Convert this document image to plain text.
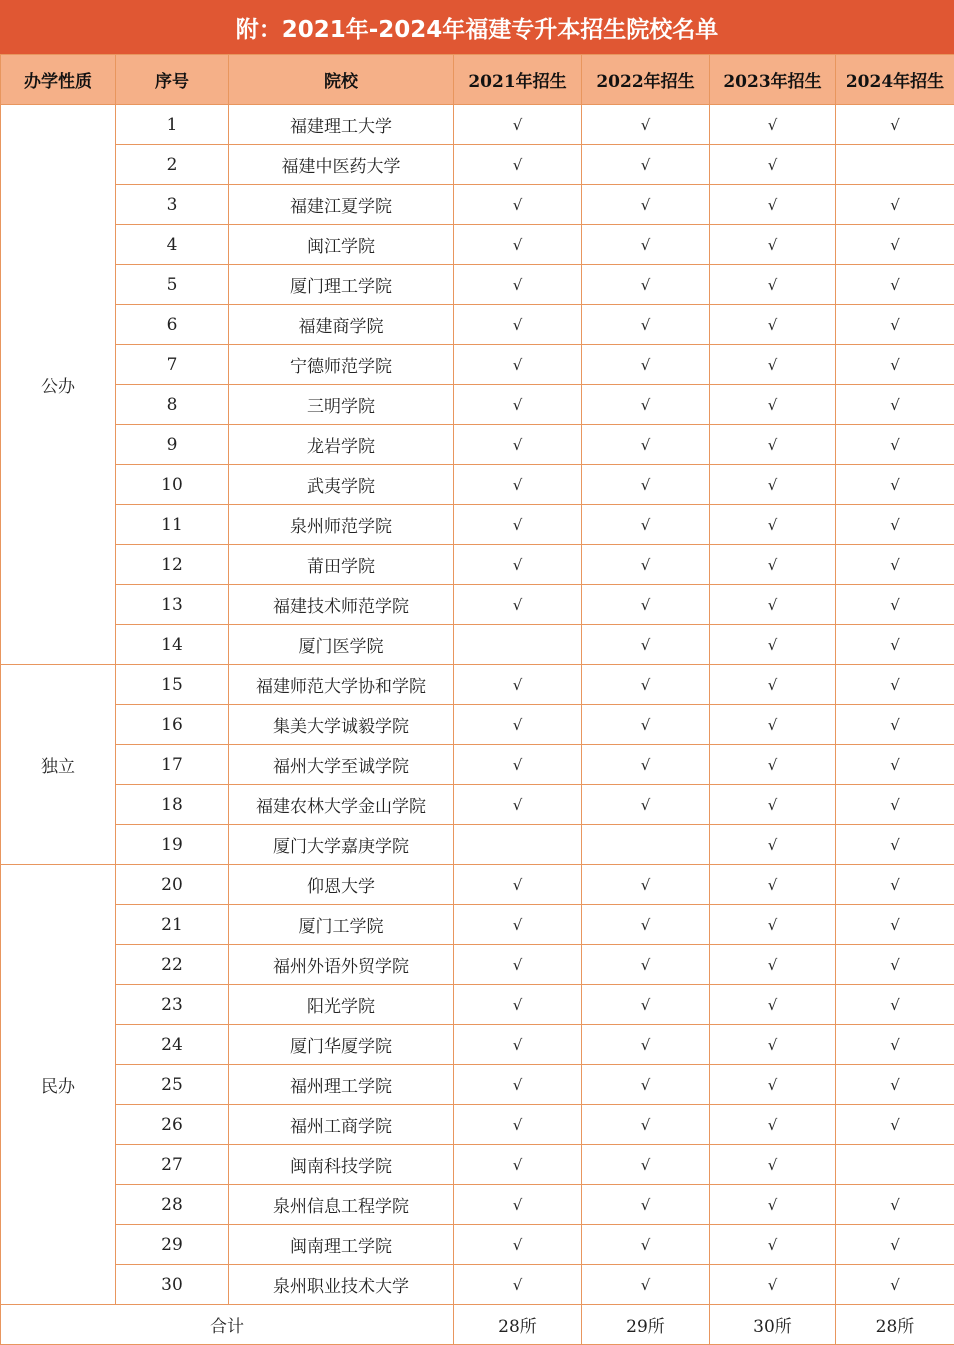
附：2021年-2024年福建专升本招生院校名单
办学性质	序号	院校	2021年招生	2022年招生	2023年招生	2024年招生
公办	1	福建理工大学	√	√	√	√
	2	福建中医药大学	√	√	√	
	3	福建江夏学院	√	√	√	√
	4	闽江学院	√	√	√	√
	5	厦门理工学院	√	√	√	√
	6	福建商学院	√	√	√	√
	7	宁德师范学院	√	√	√	√
	8	三明学院	√	√	√	√
	9	龙岩学院	√	√	√	√
	10	武夷学院	√	√	√	√
	11	泉州师范学院	√	√	√	√
	12	莆田学院	√	√	√	√
	13	福建技术师范学院	√	√	√	√
	14	厦门医学院		√	√	√
独立	15	福建师范大学协和学院	√	√	√	√
	16	集美大学诚毅学院	√	√	√	√
	17	福州大学至诚学院	√	√	√	√
	18	福建农林大学金山学院	√	√	√	√
	19	厦门大学嘉庚学院			√	√
民办	20	仰恩大学	√	√	√	√
	21	厦门工学院	√	√	√	√
	22	福州外语外贸学院	√	√	√	√
	23	阳光学院	√	√	√	√
	24	厦门华厦学院	√	√	√	√
	25	福州理工学院	√	√	√	√
	26	福州工商学院	√	√	√	√
	27	闽南科技学院	√	√	√	
	28	泉州信息工程学院	√	√	√	√
	29	闽南理工学院	√	√	√	√
	30	泉州职业技术大学	√	√	√	√
合计			28所	29所	30所	28所
